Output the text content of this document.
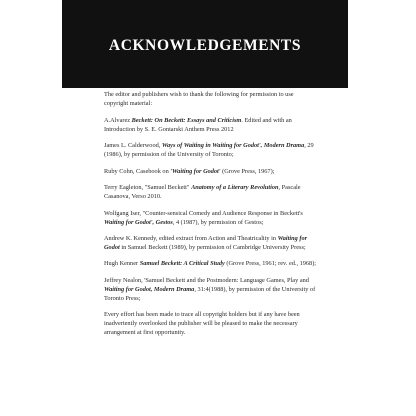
ACKNOWLEDGEMENTS

The editor and publishers wish to thank the following for permission to use copyright material:

A.Alvarez Beckett: On Beckett: Essays and Criticism. Edited and with an Introduction by S. E. Gontarski Anthem Press 2012

James L. Calderwood, Ways of Waiting in Waiting for Godot', Modern Drama, 29 (1986), by permission of the University of Toronto;

Ruby Cohn, Casebook on 'Waiting for Godot' (Grove Press, 1967);

Terry Eagleton, "Samuel Beckett" Anatomy of a Literary Revolution, Pascale Casanova, Verso 2010.

Wolfgang Iser, "Counter-sensical Comedy and Audience Response in Beckett's Waiting for Godot', Gestos, 4 (1987), by permission of Gestos;

Andrew K. Kennedy, edited extract from Action and Theatricality in Waiting for Godot in Samuel Beckett (1989), by permission of Cambridge University Press;

Hugh Kenner Samuel Beckett: A Critical Study (Grove Press, 1961; rev. ed., 1968);

Jeffrey Nealon, 'Samuel Beckett and the Postmodern: Language Games, Play and Waiting for Godot, Modern Drama, 31:4(1988), by permission of the University of Toronto Press;

Every effort has been made to trace all copyright holders but if any have been inadvertently overlooked the publisher will be pleased to make the necessary arrangement at first opportunity.
